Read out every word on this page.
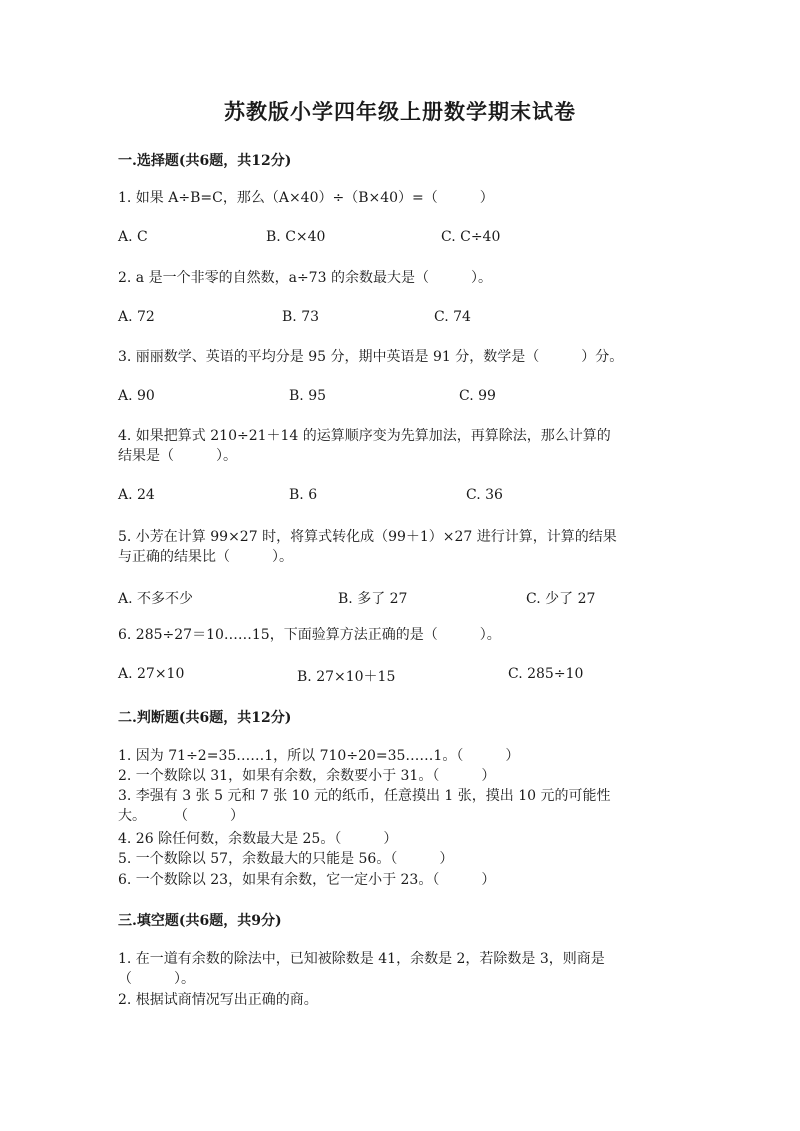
苏教版小学四年级上册数学期末试卷
一.选择题(共6题，共12分)
1. 如果 A÷B=C，那么（A×40）÷（B×40）=（　　　）
A. C	B. C×40	C. C÷40
2. a 是一个非零的自然数，a÷73 的余数最大是（　　　）。
A. 72	B. 73	C. 74
3. 丽丽数学、英语的平均分是 95 分，期中英语是 91 分，数学是（　　　）分。
A. 90	B. 95	C. 99
4. 如果把算式 210÷21＋14 的运算顺序变为先算加法，再算除法，那么计算的
结果是（　　　）。
A. 24	B. 6	C. 36
5. 小芳在计算 99×27 时，将算式转化成（99＋1）×27 进行计算，计算的结果
与正确的结果比（　　　）。
A. 不多不少	B. 多了 27	C. 少了 27
6. 285÷27＝10……15，下面验算方法正确的是（　　　）。
A. 27×10	B. 27×10＋15	C. 285÷10
二.判断题(共6题，共12分)
1. 因为 71÷2=35……1，所以 710÷20=35……1。（　　　）
2. 一个数除以 31，如果有余数，余数要小于 31。（　　　）
3. 李强有 3 张 5 元和 7 张 10 元的纸币，任意摸出 1 张，摸出 10 元的可能性
大。　　　（　　　）
4. 26 除任何数，余数最大是 25。（　　　）
5. 一个数除以 57，余数最大的只能是 56。（　　　）
6. 一个数除以 23，如果有余数，它一定小于 23。（　　　）
三.填空题(共6题，共9分)
1. 在一道有余数的除法中，已知被除数是 41，余数是 2，若除数是 3，则商是
（　　　）。
2. 根据试商情况写出正确的商。
